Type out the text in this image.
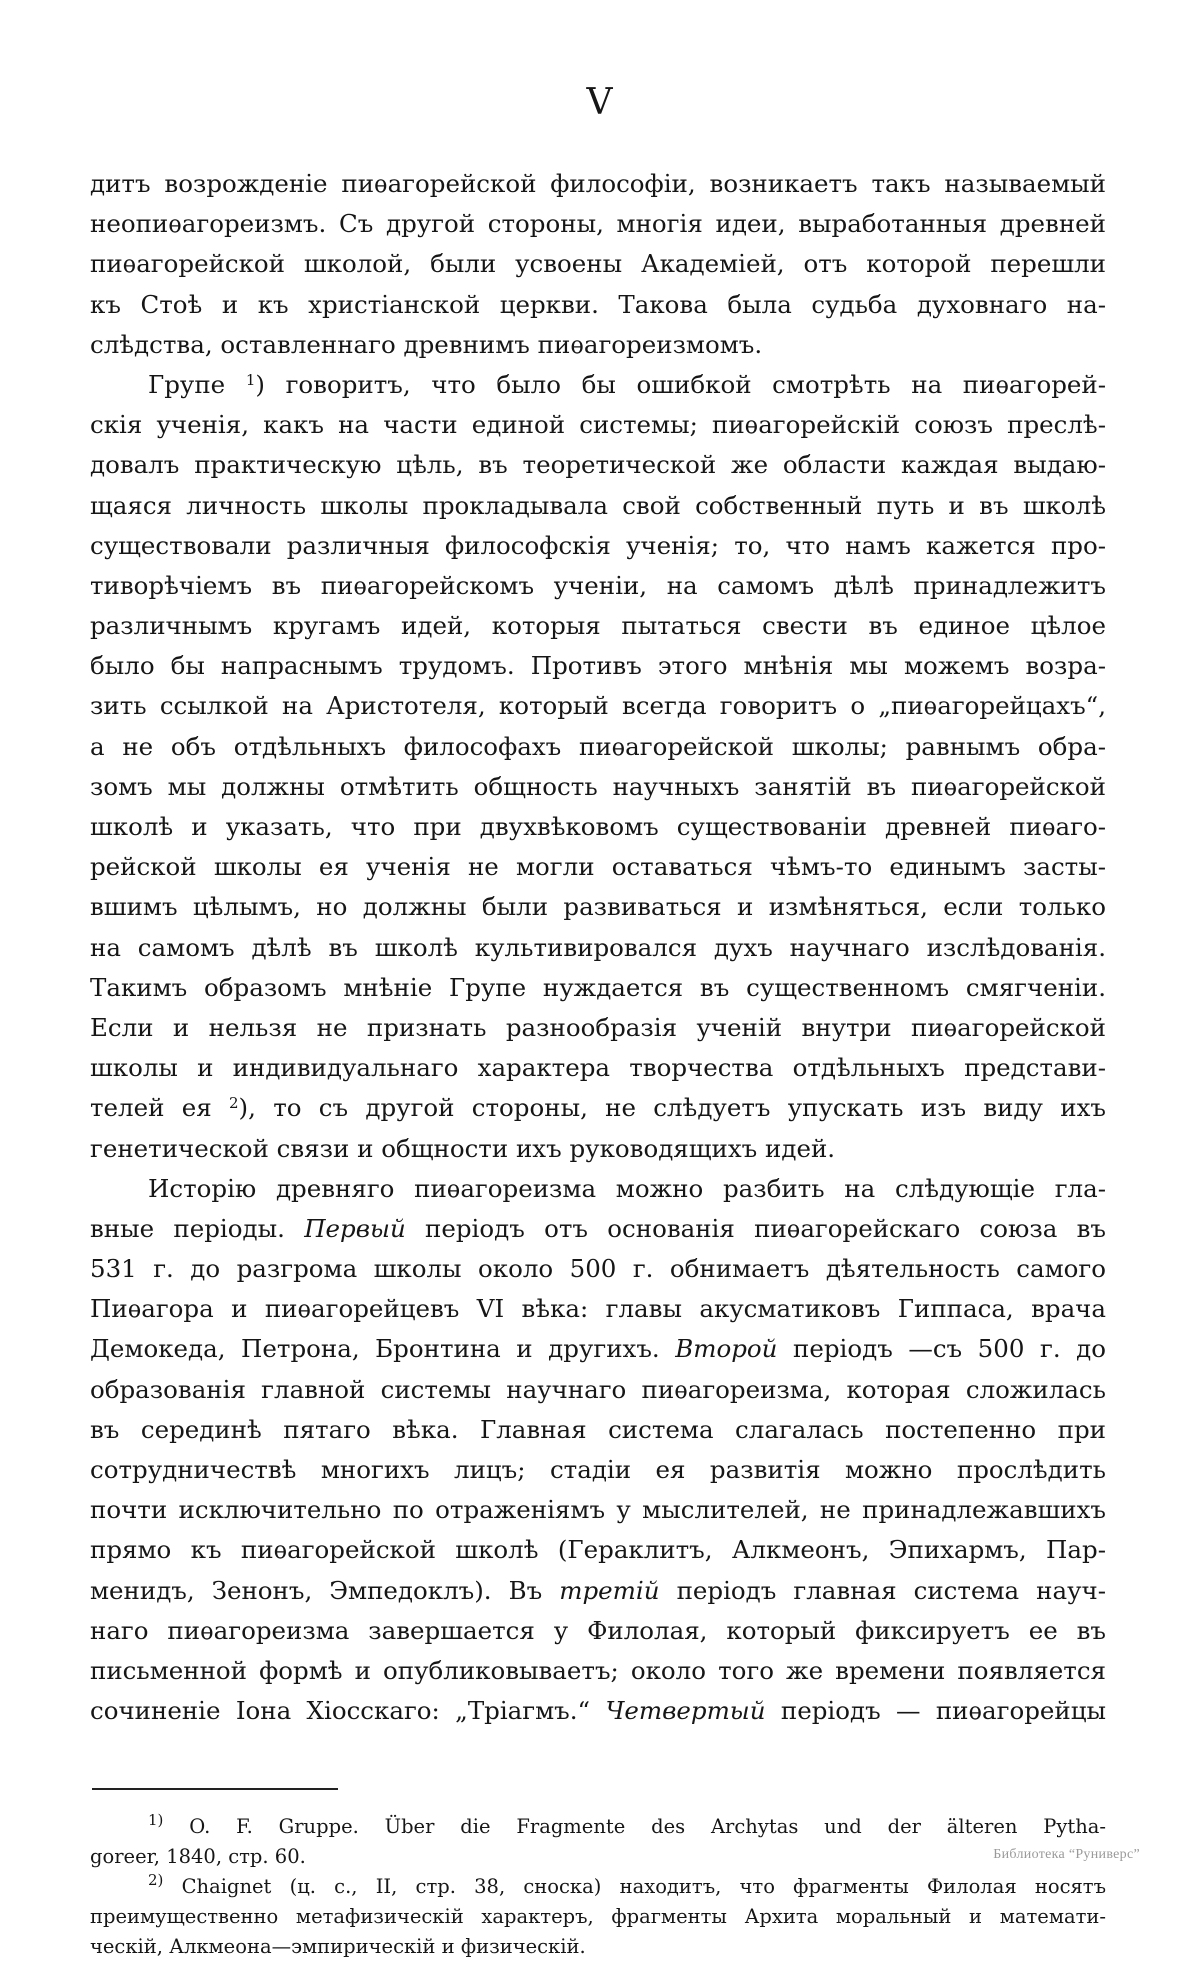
V
дитъ возрожденіе пиѳагорейской философіи, возникаетъ такъ называемый
неопиѳагореизмъ. Съ другой стороны, многія идеи, выработанныя древней
пиѳагорейской школой, были усвоены Академіей, отъ которой перешли
къ Стоѣ и къ христіанской церкви. Такова была судьба духовнаго на-
слѣдства, оставленнаго древнимъ пиѳагореизмомъ.
Групе $^1$) говоритъ, что было бы ошибкой смотрѣть на пиѳагорей-
скія ученія, какъ на части единой системы; пиѳагорейскій союзъ преслѣ-
довалъ практическую цѣль, въ теоретической же области каждая выдаю-
щаяся личность школы прокладывала свой собственный путь и въ школѣ
существовали различныя философскія ученія; то, что намъ кажется про-
тиворѣчіемъ въ пиѳагорейскомъ ученіи, на самомъ дѣлѣ принадлежитъ
различнымъ кругамъ идей, которыя пытаться свести въ единое цѣлое
было бы напраснымъ трудомъ. Противъ этого мнѣнія мы можемъ возра-
зить ссылкой на Аристотеля, который всегда говоритъ о „пиѳагорейцахъ“,
а не объ отдѣльныхъ философахъ пиѳагорейской школы; равнымъ обра-
зомъ мы должны отмѣтить общность научныхъ занятій въ пиѳагорейской
школѣ и указать, что при двухвѣковомъ существованіи древней пиѳаго-
рейской школы ея ученія не могли оставаться чѣмъ-то единымъ засты-
вшимъ цѣлымъ, но должны были развиваться и измѣняться, если только
на самомъ дѣлѣ въ школѣ культивировался духъ научнаго изслѣдованія.
Такимъ образомъ мнѣніе Групе нуждается въ существенномъ смягченіи.
Если и нельзя не признать разнообразія ученій внутри пиѳагорейской
школы и индивидуальнаго характера творчества отдѣльныхъ представи-
телей ея $^2$), то съ другой стороны, не слѣдуетъ упускать изъ виду ихъ
генетической связи и общности ихъ руководящихъ идей.
Исторію древняго пиѳагореизма можно разбить на слѣдующіе гла-
вные періоды. Первый періодъ отъ основанія пиѳагорейскаго союза въ
531 г. до разгрома школы около 500 г. обнимаетъ дѣятельность самого
Пиѳагора и пиѳагорейцевъ VI вѣка: главы акусматиковъ Гиппаса, врача
Демокеда, Петрона, Бронтина и другихъ. Второй періодъ —съ 500 г. до
образованія главной системы научнаго пиѳагореизма, которая сложилась
въ серединѣ пятаго вѣка. Главная система слагалась постепенно при
сотрудничествѣ многихъ лицъ; стадіи ея развитія можно прослѣдить
почти исключительно по отраженіямъ у мыслителей, не принадлежавшихъ
прямо къ пиѳагорейской школѣ (Гераклитъ, Алкмеонъ, Эпихармъ, Пар-
менидъ, Зенонъ, Эмпедоклъ). Въ третій періодъ главная система науч-
наго пиѳагореизма завершается у Филолая, который фиксируетъ ее въ
письменной формѣ и опубликовываетъ; около того же времени появляется
сочиненіе Іона Хіосскаго: „Тріагмъ.“ Четвертый періодъ — пиѳагорейцы
$^{1)}$ O. F. Gruppe. Über die Fragmente des Archytas und der älteren Pytha-
goreer, 1840, стр. 60.
$^{2)}$ Chaignet (ц. с., II, стр. 38, сноска) находитъ, что фрагменты Филолая носятъ
преимущественно метафизическій характеръ, фрагменты Архита моральный и математи-
ческій, Алкмеона—эмпирическій и физическій.
Библиотека “Руниверс”
